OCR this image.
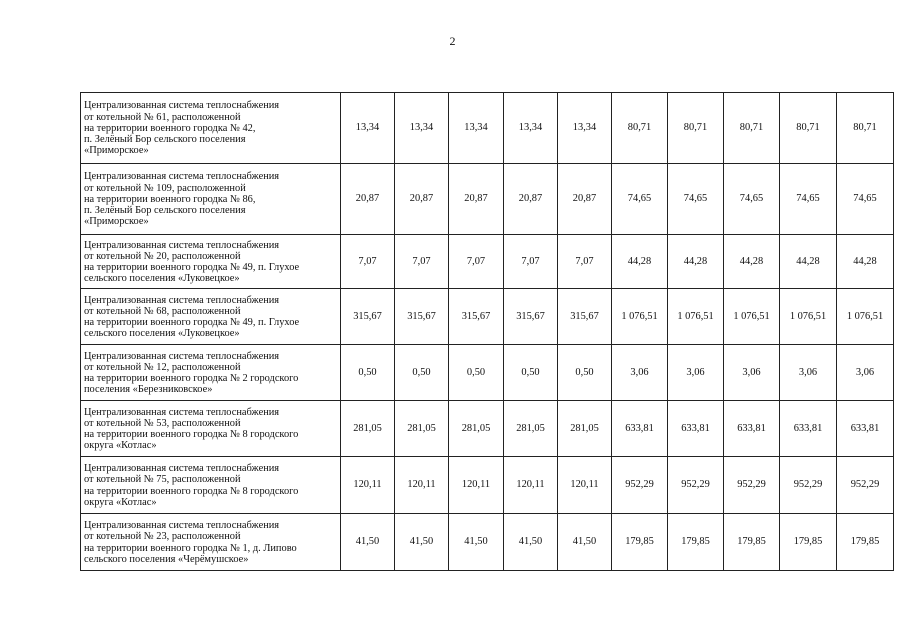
2
Централизованная система теплоснабжения
от котельной № 61, расположенной
на территории военного городка № 42,
п. Зелёный Бор сельского поселения
«Приморское»	13,34	13,34	13,34	13,34	13,34	80,71	80,71	80,71	80,71	80,71

Централизованная система теплоснабжения
от котельной № 109, расположенной
на территории военного городка № 86,
п. Зелёный Бор сельского поселения
«Приморское»	20,87	20,87	20,87	20,87	20,87	74,65	74,65	74,65	74,65	74,65

Централизованная система теплоснабжения
от котельной № 20, расположенной
на территории военного городка № 49, п. Глухое
сельского поселения «Луковецкое»	7,07	7,07	7,07	7,07	7,07	44,28	44,28	44,28	44,28	44,28

Централизованная система теплоснабжения
от котельной № 68, расположенной
на территории военного городка № 49, п. Глухое
сельского поселения «Луковецкое»	315,67	315,67	315,67	315,67	315,67	1 076,51	1 076,51	1 076,51	1 076,51	1 076,51

Централизованная система теплоснабжения
от котельной № 12, расположенной
на территории военного городка № 2 городского
поселения «Березниковское»	0,50	0,50	0,50	0,50	0,50	3,06	3,06	3,06	3,06	3,06

Централизованная система теплоснабжения
от котельной № 53, расположенной
на территории военного городка № 8 городского
округа «Котлас»	281,05	281,05	281,05	281,05	281,05	633,81	633,81	633,81	633,81	633,81

Централизованная система теплоснабжения
от котельной № 75, расположенной
на территории военного городка № 8 городского
округа «Котлас»	120,11	120,11	120,11	120,11	120,11	952,29	952,29	952,29	952,29	952,29

Централизованная система теплоснабжения
от котельной № 23, расположенной
на территории военного городка № 1, д. Липово
сельского поселения «Черёмушское»	41,50	41,50	41,50	41,50	41,50	179,85	179,85	179,85	179,85	179,85
